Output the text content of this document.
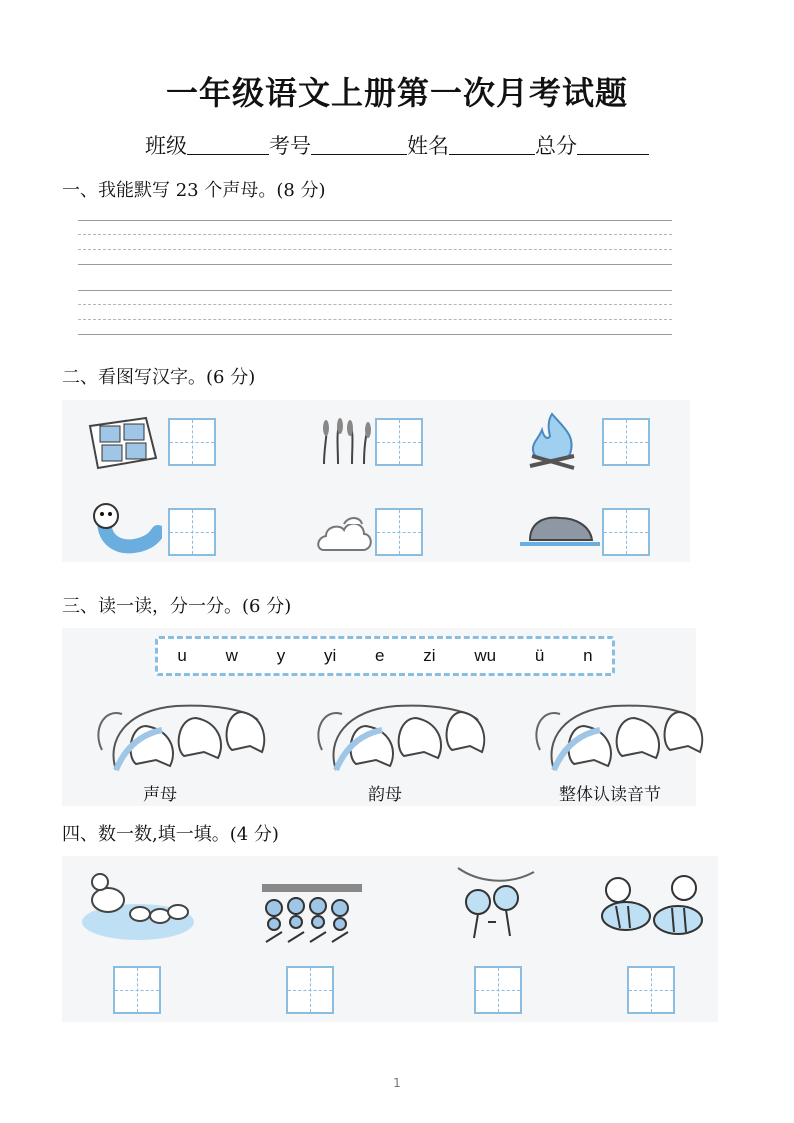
一年级语文上册第一次月考试题
班级	考号	姓名	总分
一、我能默写 23 个声母。(8 分)
二、看图写汉字。(6 分)
三、读一读，分一分。(6 分)
u w y yi e zi wu ü n
声母	韵母	整体认读音节
四、数一数,填一填。(4 分)
1
